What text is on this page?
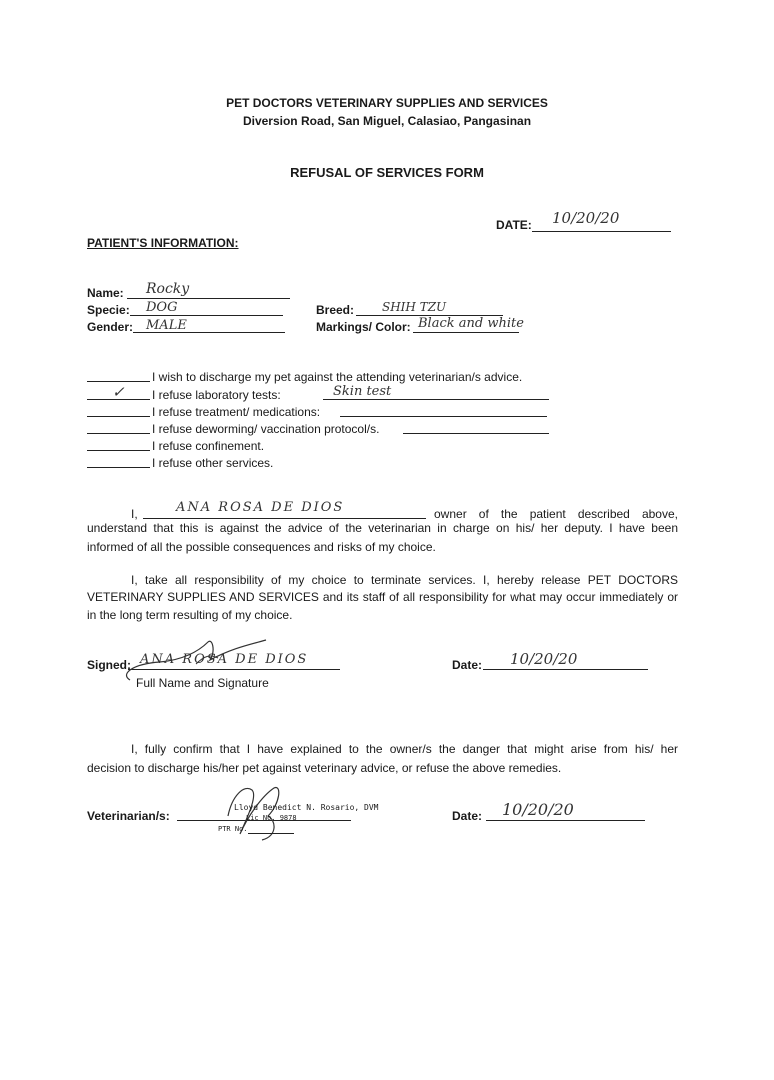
PET DOCTORS VETERINARY SUPPLIES AND SERVICES
Diversion Road, San Miguel, Calasiao, Pangasinan
REFUSAL OF SERVICES FORM
DATE: 10/20/20
PATIENT'S INFORMATION:
Name: Rocky
Specie: DOG
Gender: MALE
Breed: SHIH TZU
Markings/ Color: Black and white
I wish to discharge my pet against the attending veterinarian/s advice.
✓ I refuse laboratory tests:	Skin test
I refuse treatment/ medications:
I refuse deworming/ vaccination protocol/s.
I refuse confinement.
I refuse other services.
I,	ANA ROSA DE DIOS	owner of the patient described above,
understand that this is against the advice of the veterinarian in charge on his/ her deputy. I have been
informed of all the possible consequences and risks of my choice.
I, take all responsibility of my choice to terminate services. I, hereby release PET DOCTORS
VETERINARY SUPPLIES AND SERVICES and its staff of all responsibility for what may occur immediately or
in the long term resulting of my choice.
Signed: ANA ROSA DE DIOS
Full Name and Signature
Date: 10/20/20
I, fully confirm that I have explained to the owner/s the danger that might arise from his/ her
decision to discharge his/her pet against veterinary advice, or refuse the above remedies.
Veterinarian/s:
Lloyd Benedict N. Rosario, DVM
Lic No. 9878
PTR No.
Date: 10/20/20
